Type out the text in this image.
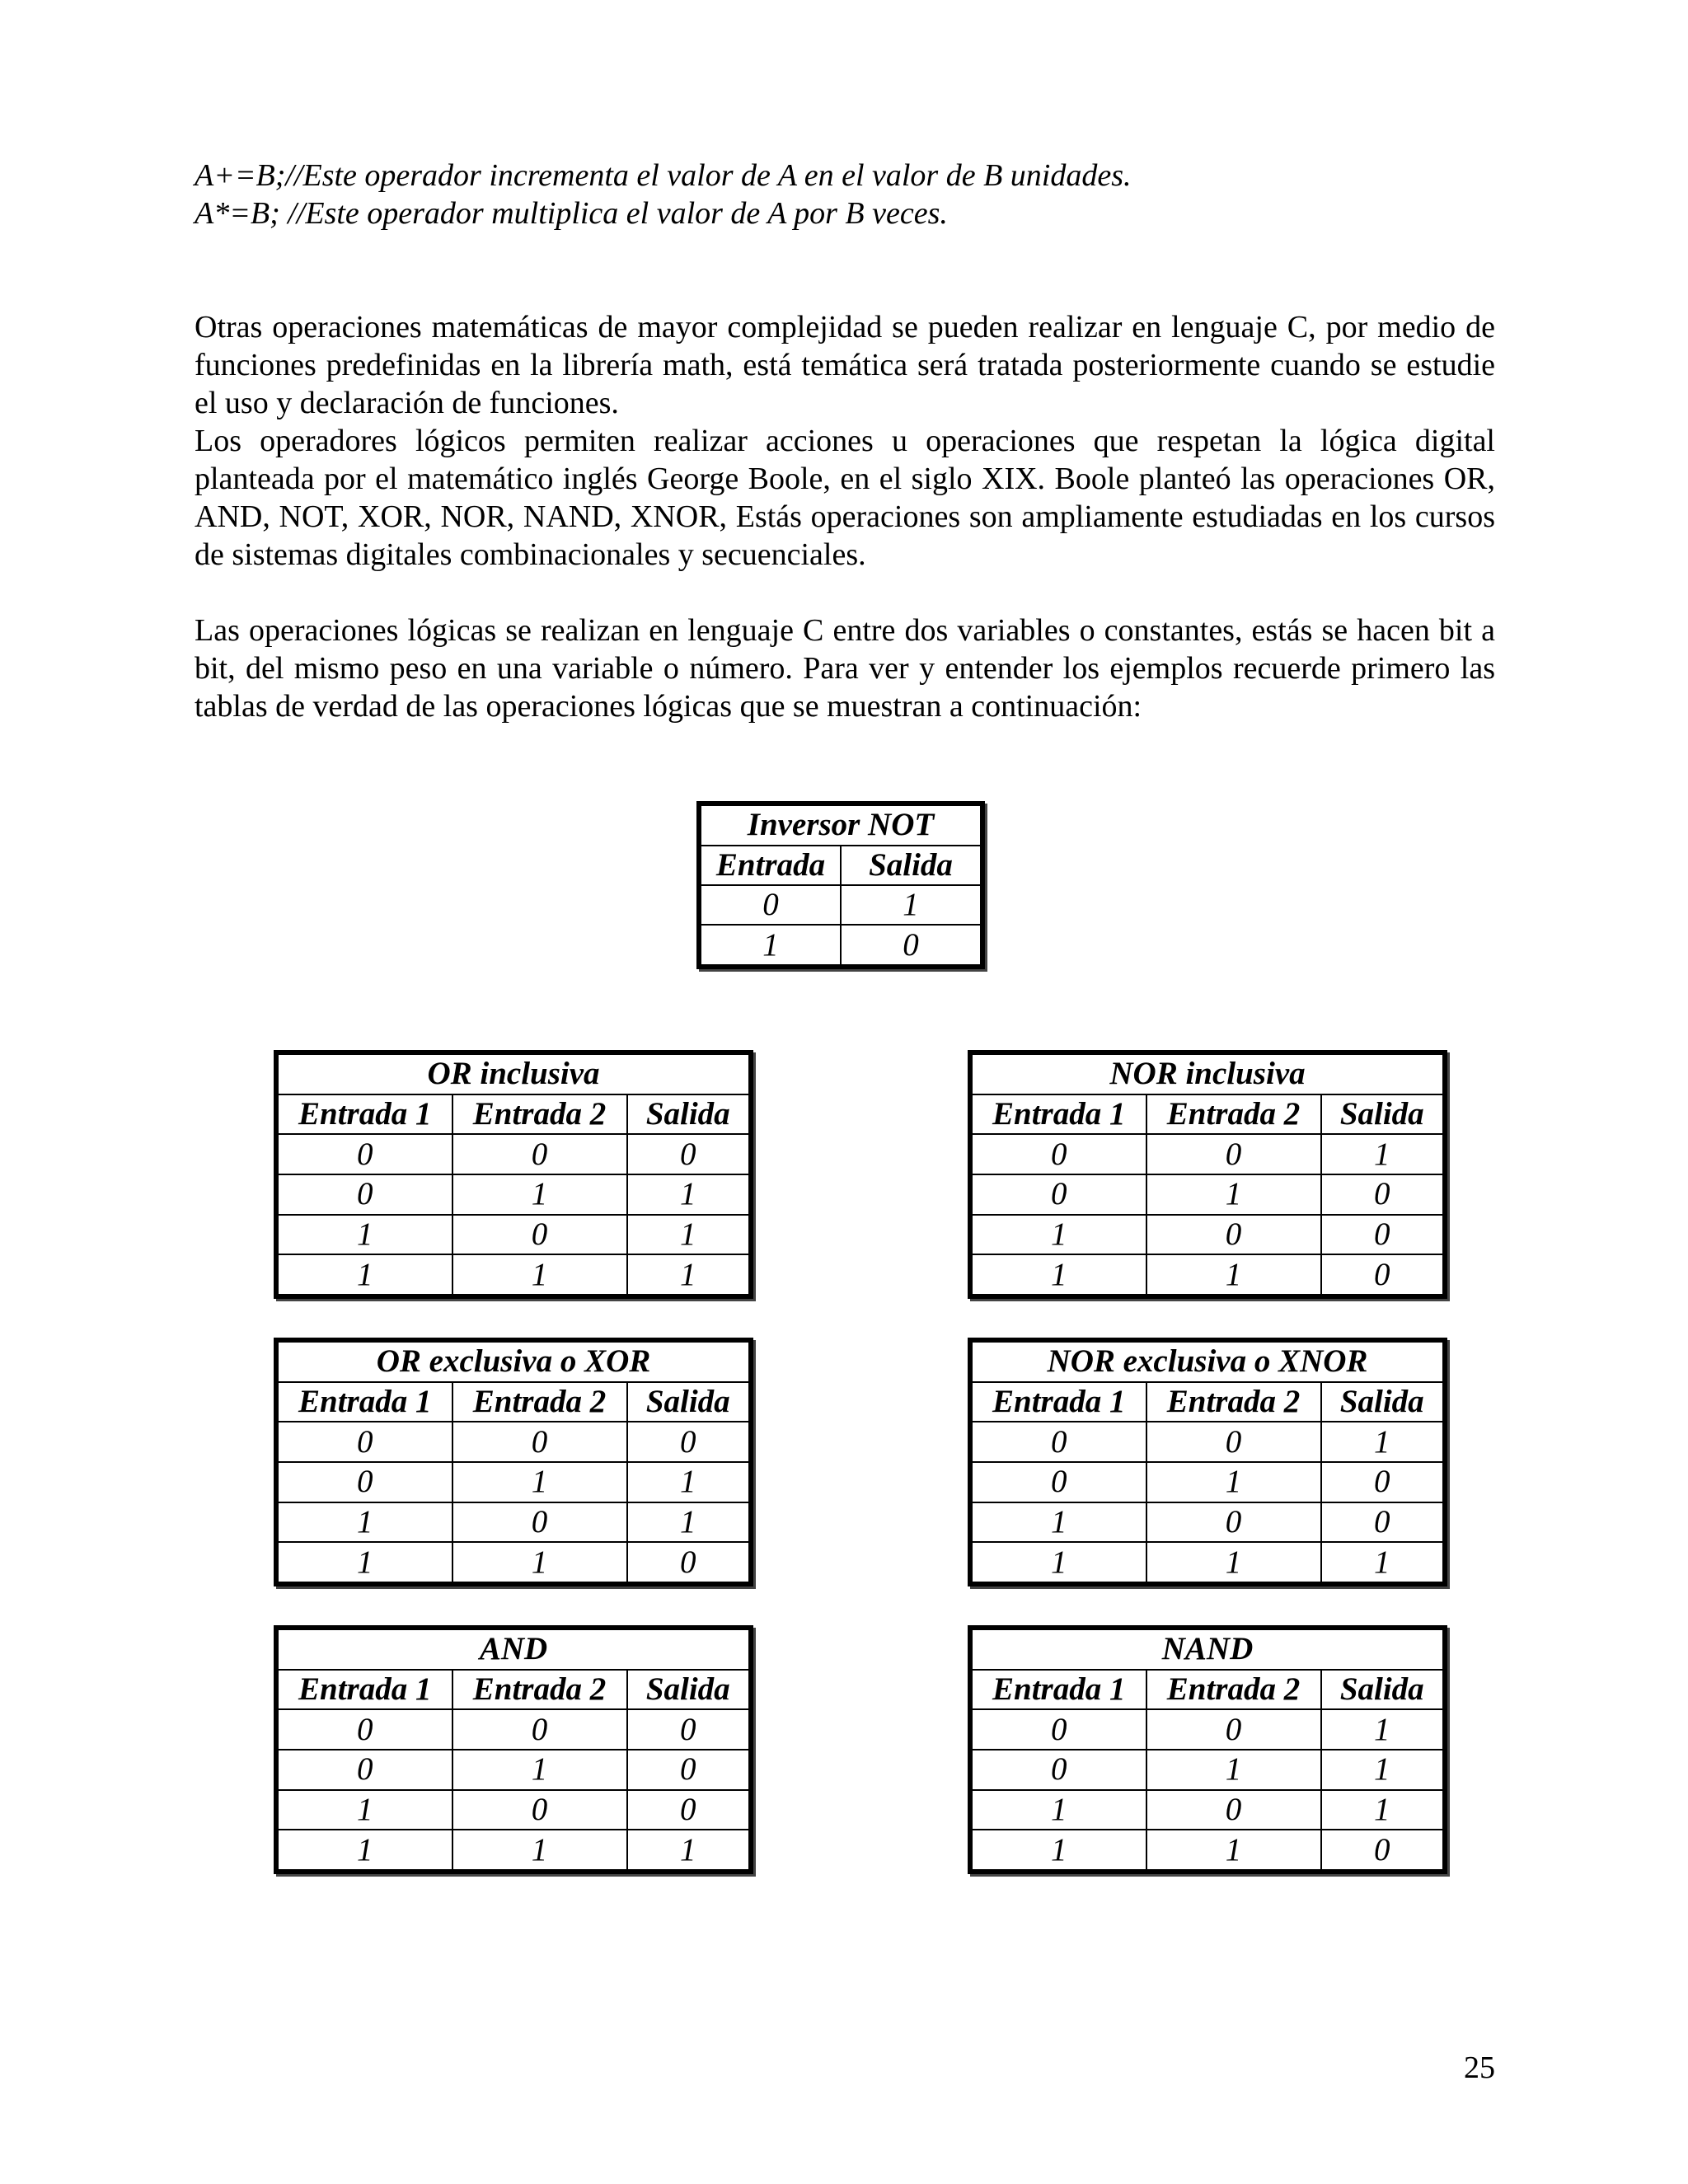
A+=B;//Este operador incrementa el valor de A en el valor de B unidades.
A*=B; //Este operador multiplica el valor de A por B veces.

Otras operaciones matemáticas de mayor complejidad se pueden realizar en lenguaje C, por medio de funciones predefinidas en la librería math, está temática será tratada posteriormente cuando se estudie el uso y declaración de funciones.

Los operadores lógicos permiten realizar acciones u operaciones que respetan la lógica digital planteada por el matemático inglés George Boole, en el siglo XIX. Boole planteó las operaciones OR, AND, NOT, XOR, NOR, NAND, XNOR, Estás operaciones son ampliamente estudiadas en los cursos de sistemas digitales combinacionales y secuenciales.

Las operaciones lógicas se realizan en lenguaje C entre dos variables o constantes, estás se hacen bit a bit, del mismo peso en una variable o número. Para ver y entender los ejemplos recuerde primero las tablas de verdad de las operaciones lógicas que se muestran a continuación:

Inversor NOT	
Entrada	Salida
0	1
1	0
OR inclusiva		
Entrada 1	Entrada 2	Salida
0	0	0
0	1	1
1	0	1
1	1	1
NOR inclusiva		
Entrada 1	Entrada 2	Salida
0	0	1
0	1	0
1	0	0
1	1	0
OR exclusiva o XOR		
Entrada 1	Entrada 2	Salida
0	0	0
0	1	1
1	0	1
1	1	0
NOR exclusiva o XNOR		
Entrada 1	Entrada 2	Salida
0	0	1
0	1	0
1	0	0
1	1	1
AND		
Entrada 1	Entrada 2	Salida
0	0	0
0	1	0
1	0	0
1	1	1
NAND		
Entrada 1	Entrada 2	Salida
0	0	1
0	1	1
1	0	1
1	1	0
25
